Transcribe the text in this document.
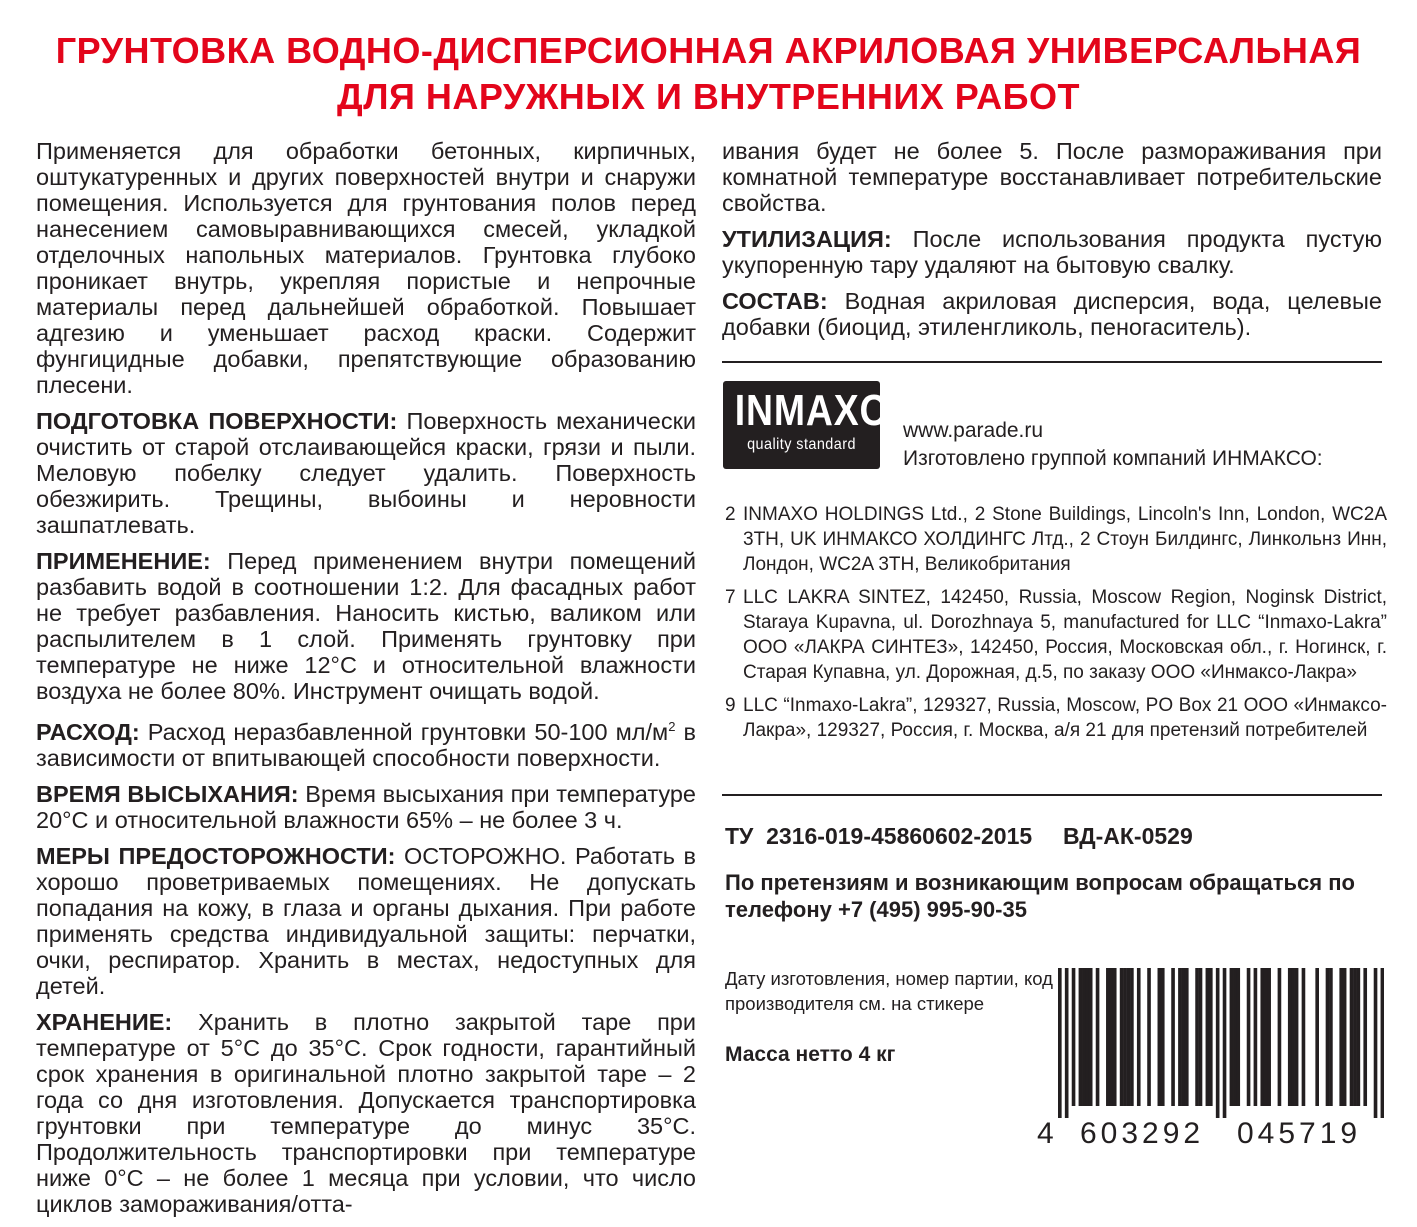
ГРУНТОВКА ВОДНО-ДИСПЕРСИОННАЯ АКРИЛОВАЯ УНИВЕРСАЛЬНАЯ
ДЛЯ НАРУЖНЫХ И ВНУТРЕННИХ РАБОТ

Применяется для обработки бетонных, кирпичных, оштукатуренных и других поверхностей внутри и снаружи помещения. Используется для грунтования полов перед нанесением самовыравнивающихся смесей, укладкой отделочных напольных материалов. Грунтовка глубоко проникает внутрь, укрепляя пористые и непрочные материалы перед дальнейшей обработкой. Повышает адгезию и уменьшает расход краски. Содержит фунгицидные добавки, препятствующие образованию плесени.

ПОДГОТОВКА ПОВЕРХНОСТИ: Поверхность механически очистить от старой отслаивающейся краски, грязи и пыли. Меловую побелку следует удалить. Поверхность обезжирить. Трещины, выбоины и неровности зашпатлевать.

ПРИМЕНЕНИЕ: Перед применением внутри помещений разбавить водой в соотношении 1:2. Для фасадных работ не требует разбавления. Наносить кистью, валиком или распылителем в 1 слой. Применять грунтовку при температуре не ниже 12°С и относительной влажности воздуха не более 80%. Инструмент очищать водой.

РАСХОД: Расход неразбавленной грунтовки 50-100 $мл/м^2$ в зависимости от впитывающей способности поверхности.

ВРЕМЯ ВЫСЫХАНИЯ: Время высыхания при температуре 20°С и относительной влажности 65% – не более 3 ч.

МЕРЫ ПРЕДОСТОРОЖНОСТИ: ОСТОРОЖНО. Работать в хорошо проветриваемых помещениях. Не допускать попадания на кожу, в глаза и органы дыхания. При работе применять средства индивидуальной защиты: перчатки, очки, респиратор. Хранить в местах, недоступных для детей.

ХРАНЕНИЕ: Хранить в плотно закрытой таре при температуре от 5°С до 35°С. Срок годности, гарантийный срок хранения в оригинальной плотно закрытой таре – 2 года со дня изготовления. Допускается транспортировка грунтовки при температуре до минус 35°С. Продолжительность транспортировки при температуре ниже 0°С – не более 1 месяца при условии, что число циклов замораживания/отта-

ивания будет не более 5. После размораживания при комнатной температуре восстанавливает потребительские свойства.

УТИЛИЗАЦИЯ: После использования продукта пустую укупоренную тару удаляют на бытовую свалку.

СОСТАВ: Водная акриловая дисперсия, вода, целевые добавки (биоцид, этиленгликоль, пеногаситель).

INMAXO
quality standard
www.parade.ru
Изготовлено группой компаний ИНМАКСО:
2 INMAXO HOLDINGS Ltd., 2 Stone Buildings, Lincoln's Inn, London, WC2A 3TH, UK ИНМАКСО ХОЛДИНГС Лтд., 2 Стоун Билдингс, Линкольнз Инн, Лондон, WC2A 3TH, Великобритания
7 LLC LAKRA SINTEZ, 142450, Russia, Moscow Region, Noginsk District, Staraya Kupavna, ul. Dorozhnaya 5, manufactured for LLC “Inmaxo-Lakra” ООО «ЛАКРА СИНТЕЗ», 142450, Россия, Московская обл., г. Ногинск, г. Старая Купавна, ул. Дорожная, д.5, по заказу ООО «Инмаксо-Лакра»
9 LLC “Inmaxo-Lakra”, 129327, Russia, Moscow, PO Box 21 ООО «Инмаксо-Лакра», 129327, Россия, г. Москва, а/я 21 для претензий потребителей
ТУ  2316-019-45860602-2015 ВД-АК-0529
По претензиям и возникающим вопросам обращаться по телефону +7 (495) 995-90-35
Дату изготовления, номер партии, код производителя см. на стикере
Масса нетто 4 кг
4 603292 045719
